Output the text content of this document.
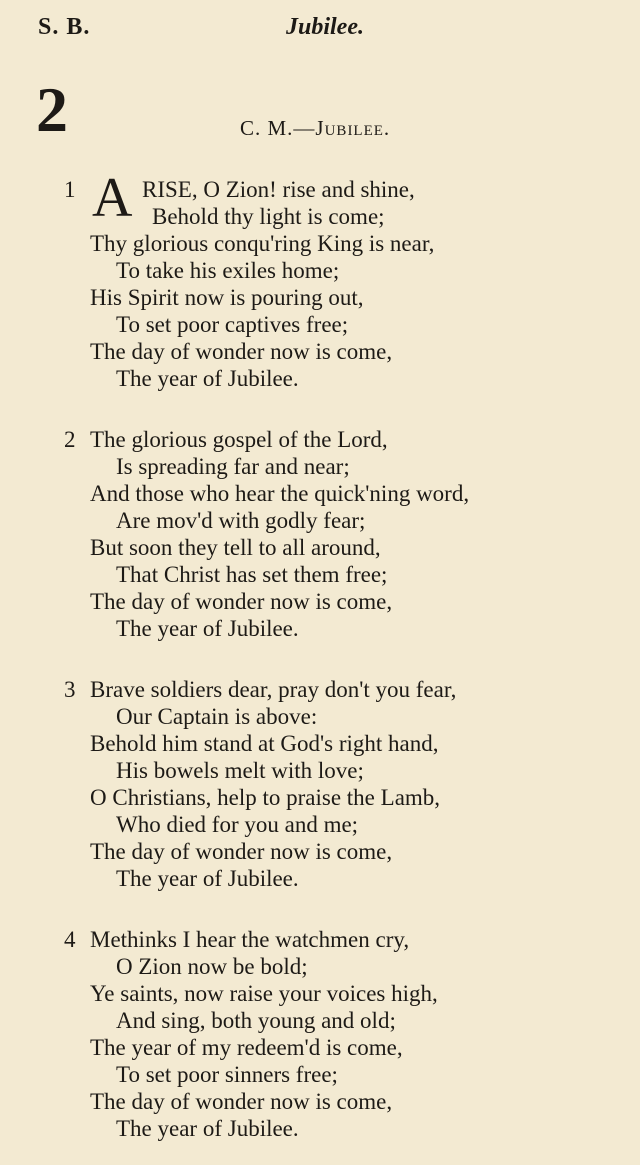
S. B.	Jubilee.
2	C. M.—Jubilee.
A
1	RISE, O Zion! rise and shine,
Behold thy light is come;
Thy glorious conqu'ring King is near,
To take his exiles home;
His Spirit now is pouring out,
To set poor captives free;
The day of wonder now is come,
The year of Jubilee.
2 The glorious gospel of the Lord,
Is spreading far and near;
And those who hear the quick'ning word,
Are mov'd with godly fear;
But soon they tell to all around,
That Christ has set them free;
The day of wonder now is come,
The year of Jubilee.
3 Brave soldiers dear, pray don't you fear,
Our Captain is above:
Behold him stand at God's right hand,
His bowels melt with love;
O Christians, help to praise the Lamb,
Who died for you and me;
The day of wonder now is come,
The year of Jubilee.
4 Methinks I hear the watchmen cry,
O Zion now be bold;
Ye saints, now raise your voices high,
And sing, both young and old;
The year of my redeem'd is come,
To set poor sinners free;
The day of wonder now is come,
The year of Jubilee.
